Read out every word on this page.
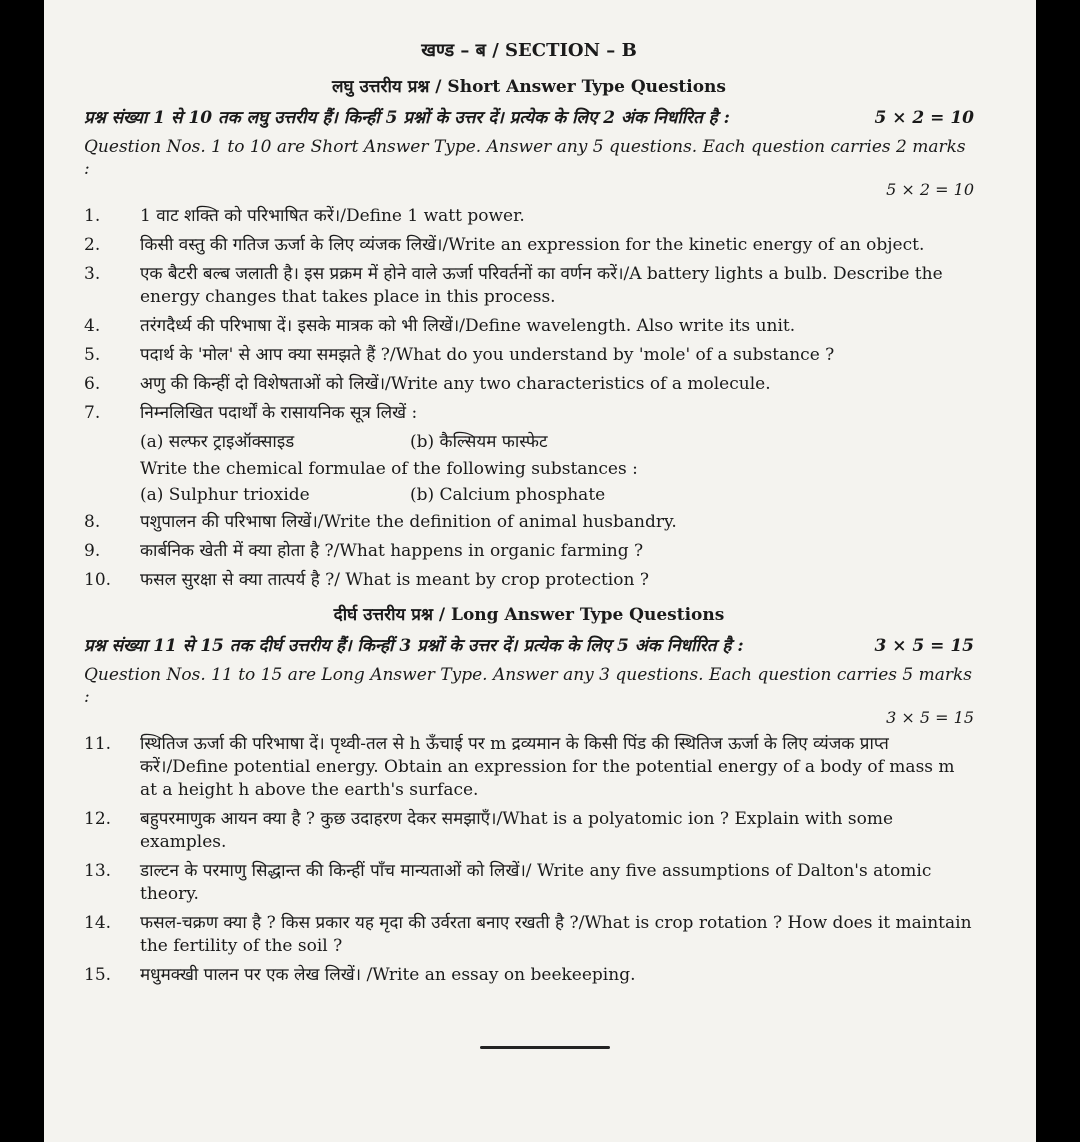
खण्ड – ब / SECTION – B
लघु उत्तरीय प्रश्न / Short Answer Type Questions
प्रश्न संख्या 1 से 10 तक लघु उत्तरीय हैं। किन्हीं 5 प्रश्नों के उत्तर दें। प्रत्येक के लिए 2 अंक निर्धारित है :	5 × 2 = 10
Question Nos. 1 to 10 are Short Answer Type. Answer any 5 questions. Each question carries 2 marks :
5 × 2 = 10
1.	1 वाट शक्ति को परिभाषित करें।/Define 1 watt power.
2.	किसी वस्तु की गतिज ऊर्जा के लिए व्यंजक लिखें।/Write an expression for the kinetic energy of an object.
3.	एक बैटरी बल्ब जलाती है। इस प्रक्रम में होने वाले ऊर्जा परिवर्तनों का वर्णन करें।/A battery lights a bulb. Describe the energy changes that takes place in this process.
4.	तरंगदैर्ध्य की परिभाषा दें। इसके मात्रक को भी लिखें।/Define wavelength. Also write its unit.
5.	पदार्थ के 'मोल' से आप क्या समझते हैं ?/What do you understand by 'mole' of a substance ?
6.	अणु की किन्हीं दो विशेषताओं को लिखें।/Write any two characteristics of a molecule.
7.	निम्नलिखित पदार्थों के रासायनिक सूत्र लिखें :
(a) सल्फर ट्राइऑक्साइड	(b) कैल्सियम फास्फेट
Write the chemical formulae of the following substances :
(a) Sulphur trioxide	(b) Calcium phosphate
8.	पशुपालन की परिभाषा लिखें।/Write the definition of animal husbandry.
9.	कार्बनिक खेती में क्या होता है ?/What happens in organic farming ?
10.	फसल सुरक्षा से क्या तात्पर्य है ?/ What is meant by crop protection ?
दीर्घ उत्तरीय प्रश्न / Long Answer Type Questions
प्रश्न संख्या 11 से 15 तक दीर्घ उत्तरीय हैं। किन्हीं 3 प्रश्नों के उत्तर दें। प्रत्येक के लिए 5 अंक निर्धारित है :	3 × 5 = 15
Question Nos. 11 to 15 are Long Answer Type. Answer any 3 questions. Each question carries 5 marks :
3 × 5 = 15
11.	स्थितिज ऊर्जा की परिभाषा दें। पृथ्वी-तल से h ऊँचाई पर m द्रव्यमान के किसी पिंड की स्थितिज ऊर्जा के लिए व्यंजक प्राप्त करें।/Define potential energy. Obtain an expression for the potential energy of a body of mass m at a height h above the earth's surface.
12.	बहुपरमाणुक आयन क्या है ? कुछ उदाहरण देकर समझाएँ।/What is a polyatomic ion ? Explain with some examples.
13.	डाल्टन के परमाणु सिद्धान्त की किन्हीं पाँच मान्यताओं को लिखें।/ Write any five assumptions of Dalton's atomic theory.
14.	फसल-चक्रण क्या है ? किस प्रकार यह मृदा की उर्वरता बनाए रखती है ?/What is crop rotation ? How does it maintain the fertility of the soil ?
15.	मधुमक्खी पालन पर एक लेख लिखें। /Write an essay on beekeeping.
